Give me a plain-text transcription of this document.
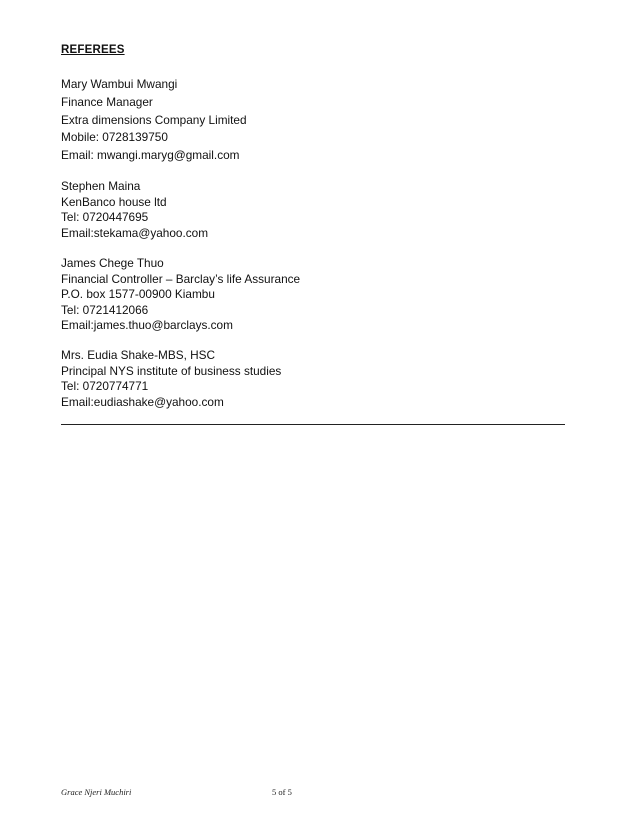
REFEREES
Mary Wambui Mwangi
Finance Manager
Extra dimensions Company Limited
Mobile: 0728139750
Email: mwangi.maryg@gmail.com
Stephen Maina
KenBanco house ltd
Tel: 0720447695
Email:stekama@yahoo.com
James Chege Thuo
Financial Controller – Barclay’s life Assurance
P.O. box 1577-00900 Kiambu
Tel: 0721412066
Email:james.thuo@barclays.com
Mrs. Eudia Shake-MBS, HSC
Principal NYS institute of business studies
Tel: 0720774771
Email:eudiashake@yahoo.com
Grace Njeri Muchiri	5 of 5
